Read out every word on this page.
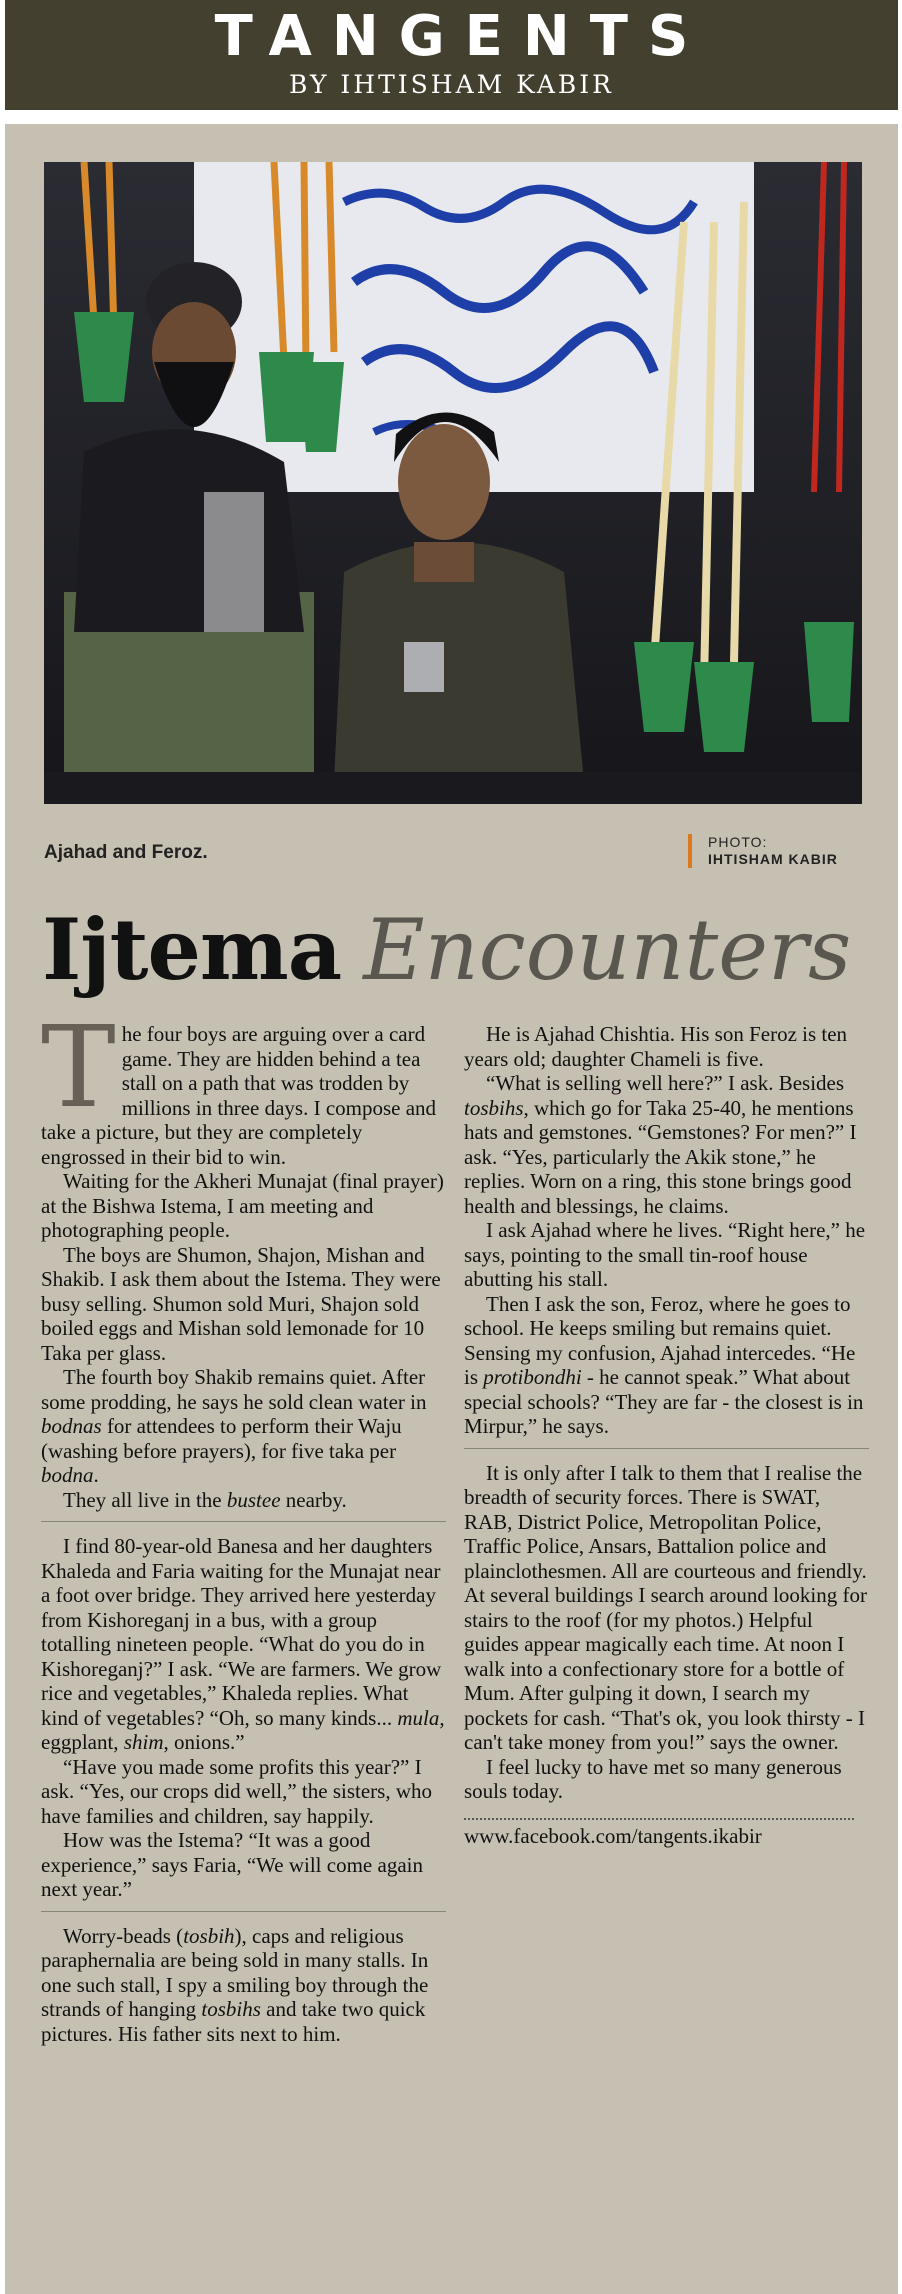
TANGENTS
BY IHTISHAM KABIR
Ajahad and Feroz.	PHOTO:
IHTISHAM KABIR
Ijtema Encounters

The four boys are arguing over a card game. They are hidden behind a tea stall on a path that was trodden by millions in three days. I compose and take a picture, but they are completely engrossed in their bid to win.

Waiting for the Akheri Munajat (final prayer) at the Bishwa Istema, I am meeting and photographing people.

The boys are Shumon, Shajon, Mishan and Shakib. I ask them about the Istema. They were busy selling. Shumon sold Muri, Shajon sold boiled eggs and Mishan sold lemonade for 10 Taka per glass.

The fourth boy Shakib remains quiet. After some prodding, he says he sold clean water in bodnas for attendees to perform their Waju (washing before prayers), for five taka per bodna.

They all live in the bustee nearby.

I find 80-year-old Banesa and her daughters Khaleda and Faria waiting for the Munajat near a foot over bridge. They arrived here yesterday from Kishoreganj in a bus, with a group totalling nineteen people. “What do you do in Kishoreganj?” I ask. “We are farmers. We grow rice and vegetables,” Khaleda replies. What kind of vegetables? “Oh, so many kinds... mula, eggplant, shim, onions.”

“Have you made some profits this year?” I ask. “Yes, our crops did well,” the sisters, who have families and children, say happily.

How was the Istema? “It was a good experience,” says Faria, “We will come again next year.”

Worry-beads (tosbih), caps and religious paraphernalia are being sold in many stalls. In one such stall, I spy a smiling boy through the strands of hanging tosbihs and take two quick pictures. His father sits next to him.

He is Ajahad Chishtia. His son Feroz is ten years old; daughter Chameli is five.

“What is selling well here?” I ask. Besides tosbihs, which go for Taka 25-40, he mentions hats and gemstones. “Gemstones? For men?” I ask. “Yes, particularly the Akik stone,” he replies. Worn on a ring, this stone brings good health and blessings, he claims.

I ask Ajahad where he lives. “Right here,” he says, pointing to the small tin-roof house abutting his stall.

Then I ask the son, Feroz, where he goes to school. He keeps smiling but remains quiet. Sensing my confusion, Ajahad intercedes. “He is protibondhi - he cannot speak.” What about special schools? “They are far - the closest is in Mirpur,” he says.

It is only after I talk to them that I realise the breadth of security forces. There is SWAT, RAB, District Police, Metropolitan Police, Traffic Police, Ansars, Battalion police and plainclothesmen. All are courteous and friendly. At several buildings I search around looking for stairs to the roof (for my photos.) Helpful guides appear magically each time. At noon I walk into a confectionary store for a bottle of Mum. After gulping it down, I search my pockets for cash. “That's ok, you look thirsty - I can't take money from you!” says the owner.

I feel lucky to have met so many generous souls today.

www.facebook.com/tangents.ikabir
